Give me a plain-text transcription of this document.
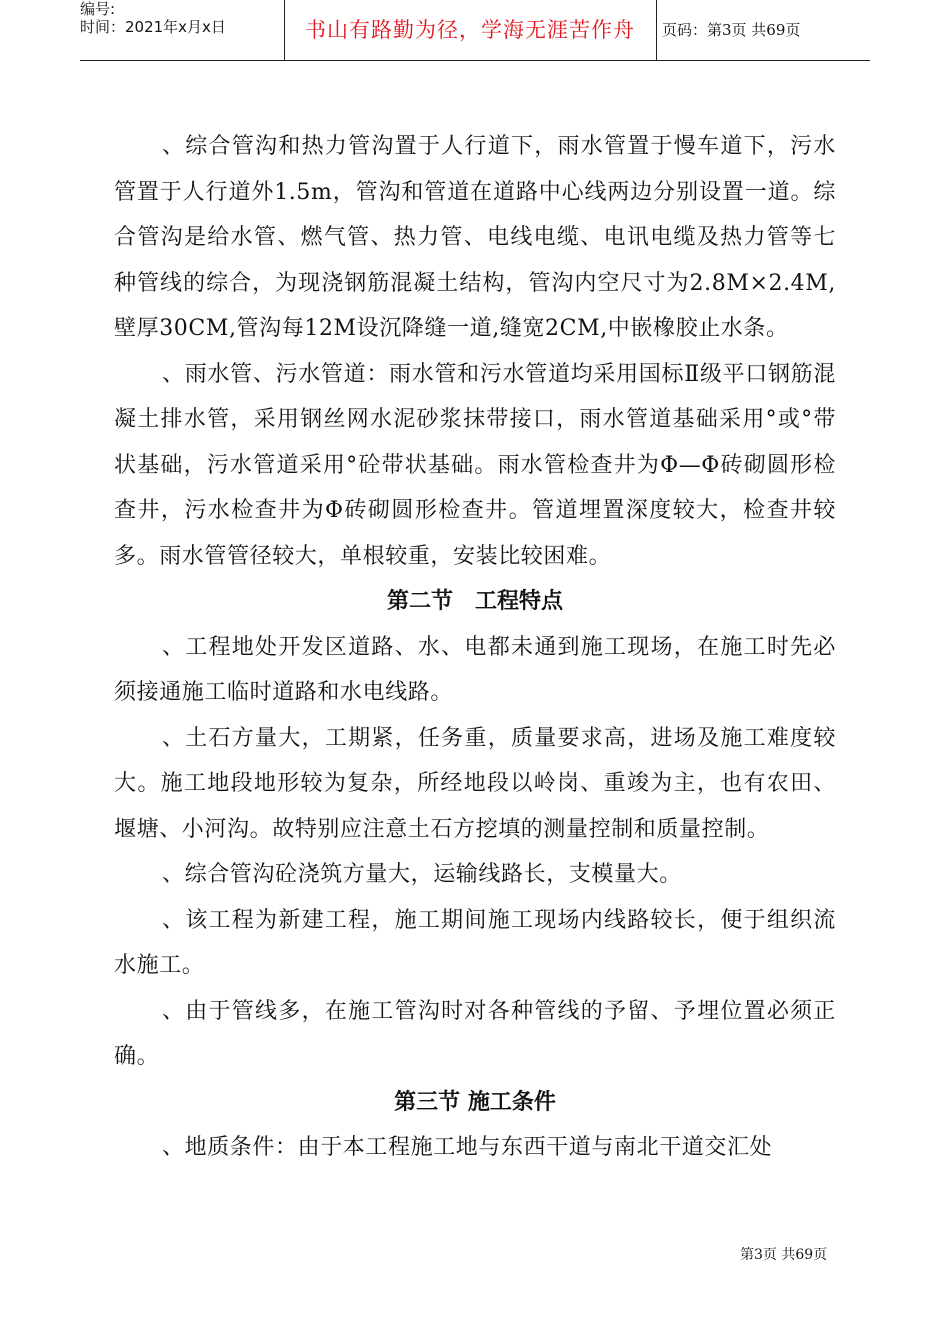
编号:
时间：2021年x月x日	书山有路勤为径，学海无涯苦作舟	页码：第3页 共69页

、综合管沟和热力管沟置于人行道下，雨水管置于慢车道下，污水管置于人行道外1.5m，管沟和管道在道路中心线两边分别设置一道。综合管沟是给水管、燃气管、热力管、电线电缆、电讯电缆及热力管等七种管线的综合，为现浇钢筋混凝土结构，管沟内空尺寸为2.8M×2.4M,壁厚30CM,管沟每12M设沉降缝一道,缝宽2CM,中嵌橡胶止水条。

、雨水管、污水管道：雨水管和污水管道均采用国标Ⅱ级平口钢筋混凝土排水管，采用钢丝网水泥砂浆抹带接口，雨水管道基础采用°或°带状基础，污水管道采用°砼带状基础。雨水管检查井为Φ—Φ砖砌圆形检查井，污水检查井为Φ砖砌圆形检查井。管道埋置深度较大，检查井较多。雨水管管径较大，单根较重，安装比较困难。

第二节　工程特点

、工程地处开发区道路、水、电都未通到施工现场，在施工时先必须接通施工临时道路和水电线路。

、土石方量大，工期紧，任务重，质量要求高，进场及施工难度较大。施工地段地形较为复杂，所经地段以岭岗、重竣为主，也有农田、堰塘、小河沟。故特别应注意土石方挖填的测量控制和质量控制。

、综合管沟砼浇筑方量大，运输线路长，支模量大。

、该工程为新建工程，施工期间施工现场内线路较长，便于组织流水施工。

、由于管线多，在施工管沟时对各种管线的予留、予埋位置必须正确。

第三节 施工条件

、地质条件：由于本工程施工地与东西干道与南北干道交汇处

第3页 共69页
